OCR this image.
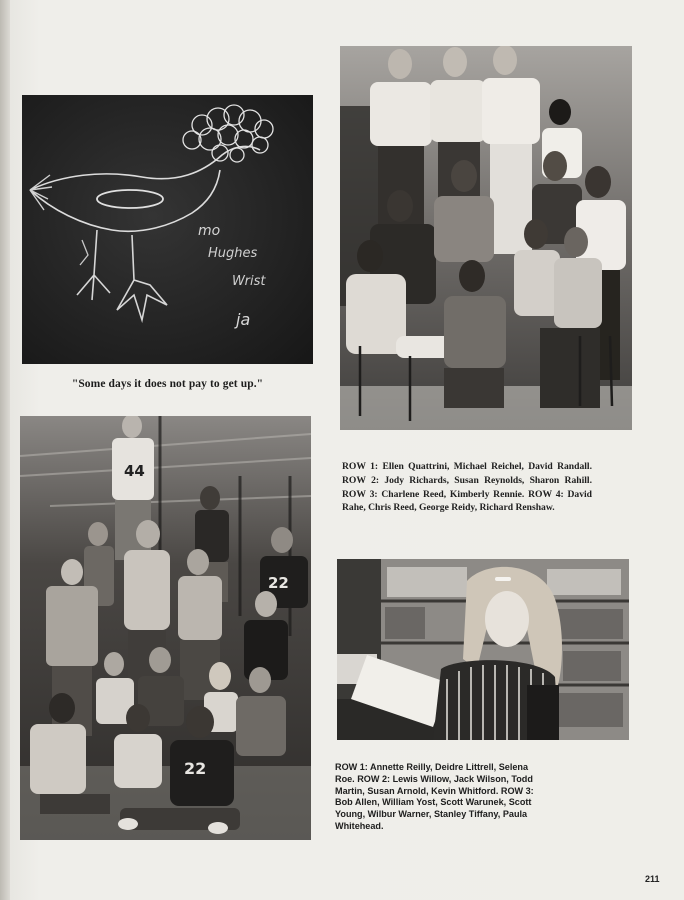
mo
Hughes
Wrist
ja
"Some days it does not pay to get up."
44
22
22
ROW 1: Ellen Quattrini, Michael Reichel, David Randall. ROW 2: Jody Richards, Susan Reynolds, Sharon Rahill. ROW 3: Charlene Reed, Kimberly Rennie. ROW 4: David Rahe, Chris Reed, George Reidy, Richard Renshaw.
ROW 1: Annette Reilly, Deidre Littrell, Selena Roe. ROW 2: Lewis Willow, Jack Wilson, Todd Martin, Susan Arnold, Kevin Whitford. ROW 3: Bob Allen, William Yost, Scott Warunek, Scott Young, Wilbur Warner, Stanley Tiffany, Paula Whitehead.
211
